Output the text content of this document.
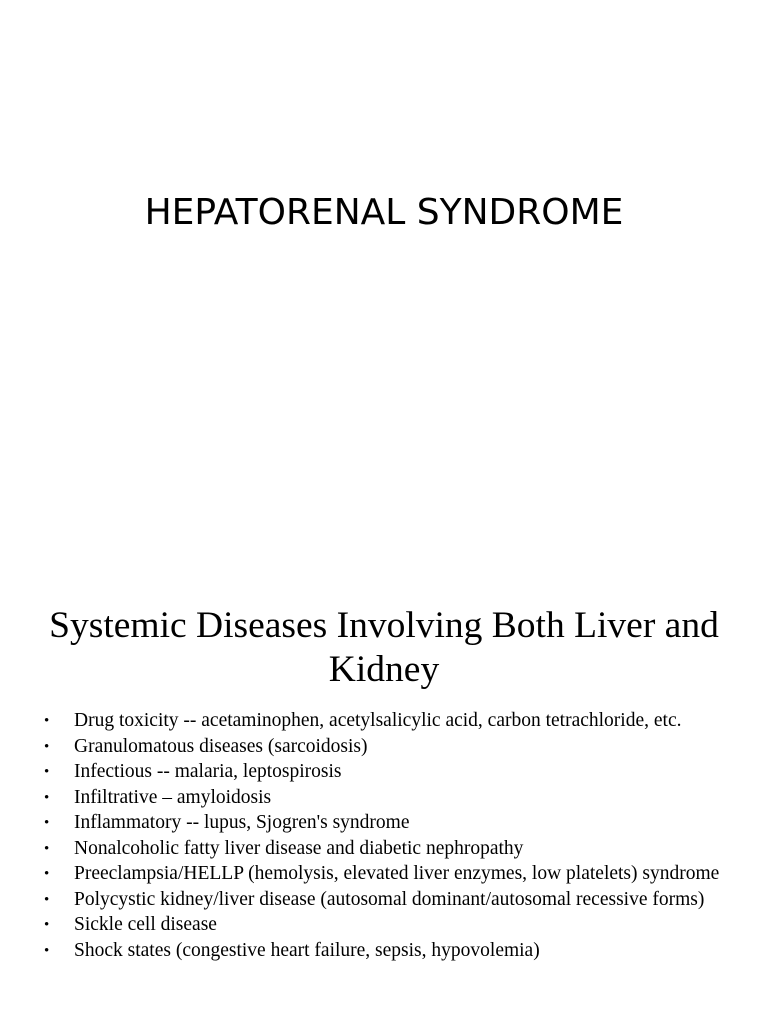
HEPATORENAL SYNDROME
Systemic Diseases Involving Both Liver and Kidney
• Drug toxicity -- acetaminophen, acetylsalicylic acid, carbon tetrachloride, etc.
• Granulomatous diseases (sarcoidosis)
• Infectious -- malaria, leptospirosis
• Infiltrative – amyloidosis
• Inflammatory -- lupus, Sjogren's syndrome
• Nonalcoholic fatty liver disease and diabetic nephropathy
• Preeclampsia/HELLP (hemolysis, elevated liver enzymes, low platelets) syndrome
• Polycystic kidney/liver disease (autosomal dominant/autosomal recessive forms)
• Sickle cell disease
• Shock states (congestive heart failure, sepsis, hypovolemia)
